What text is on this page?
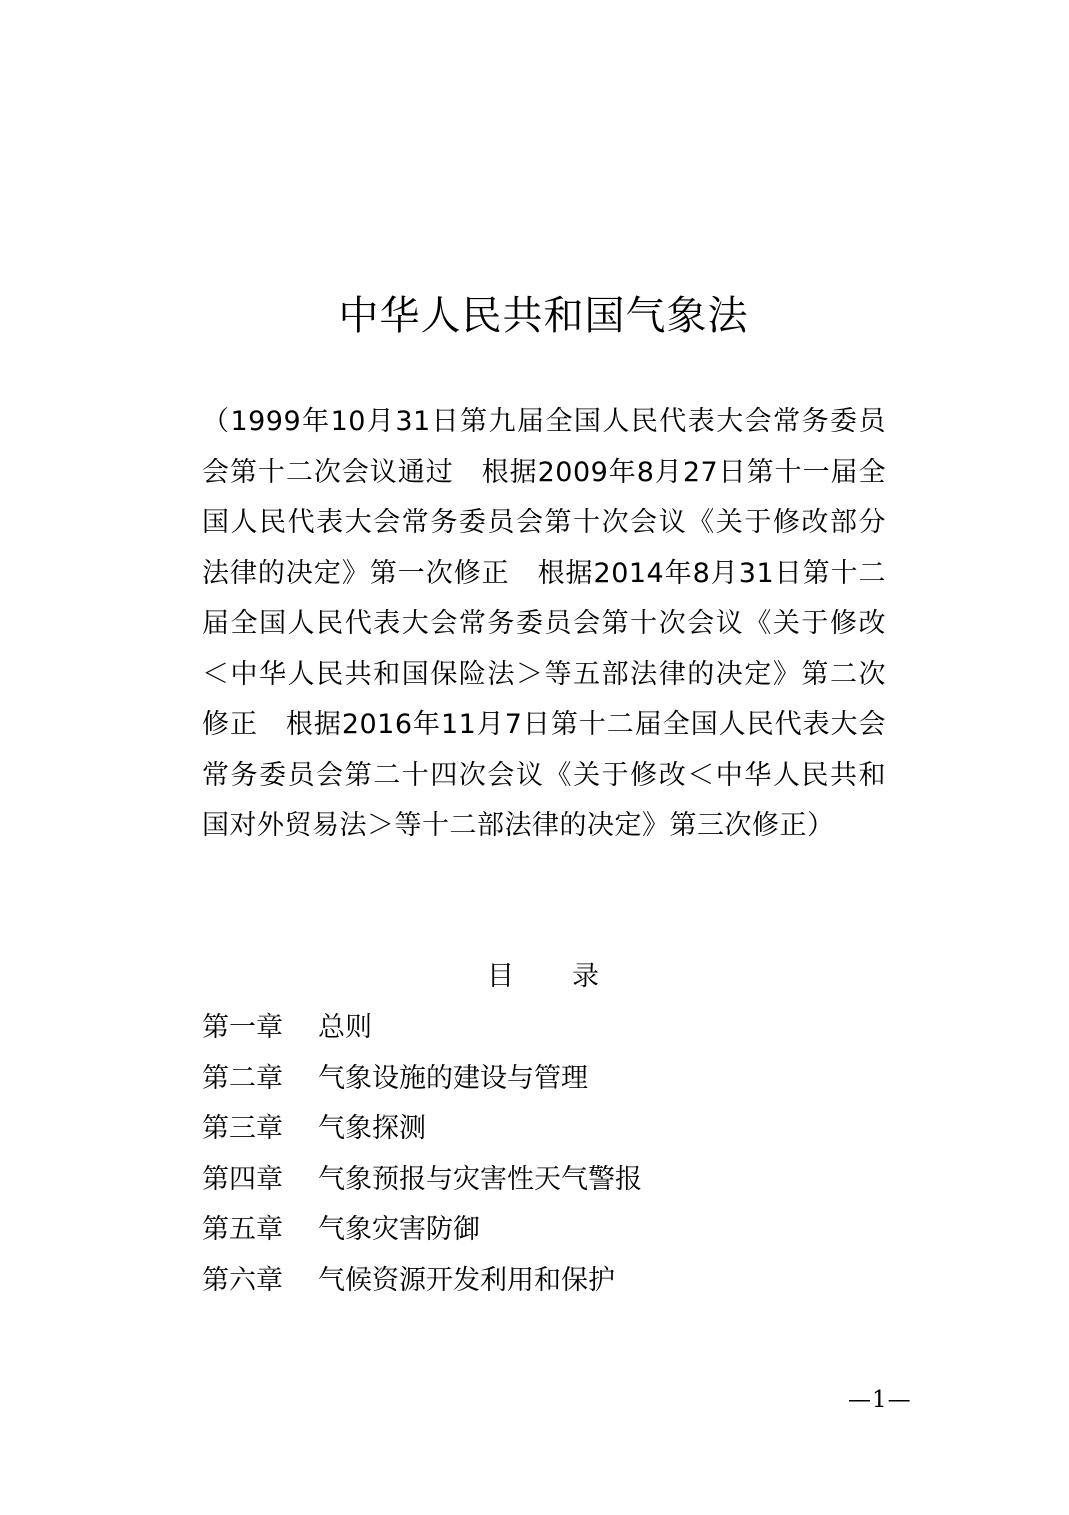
中华人民共和国气象法
（1999年10月31日第九届全国人民代表大会常务委员会第十二次会议通过　根据2009年8月27日第十一届全国人民代表大会常务委员会第十次会议《关于修改部分法律的决定》第一次修正　根据2014年8月31日第十二届全国人民代表大会常务委员会第十次会议《关于修改＜中华人民共和国保险法＞等五部法律的决定》第二次修正　根据2016年11月7日第十二届全国人民代表大会常务委员会第二十四次会议《关于修改＜中华人民共和国对外贸易法＞等十二部法律的决定》第三次修正）
目 录
第一章 总则
第二章 气象设施的建设与管理
第三章 气象探测
第四章 气象预报与灾害性天气警报
第五章 气象灾害防御
第六章 气候资源开发利用和保护
—1—
